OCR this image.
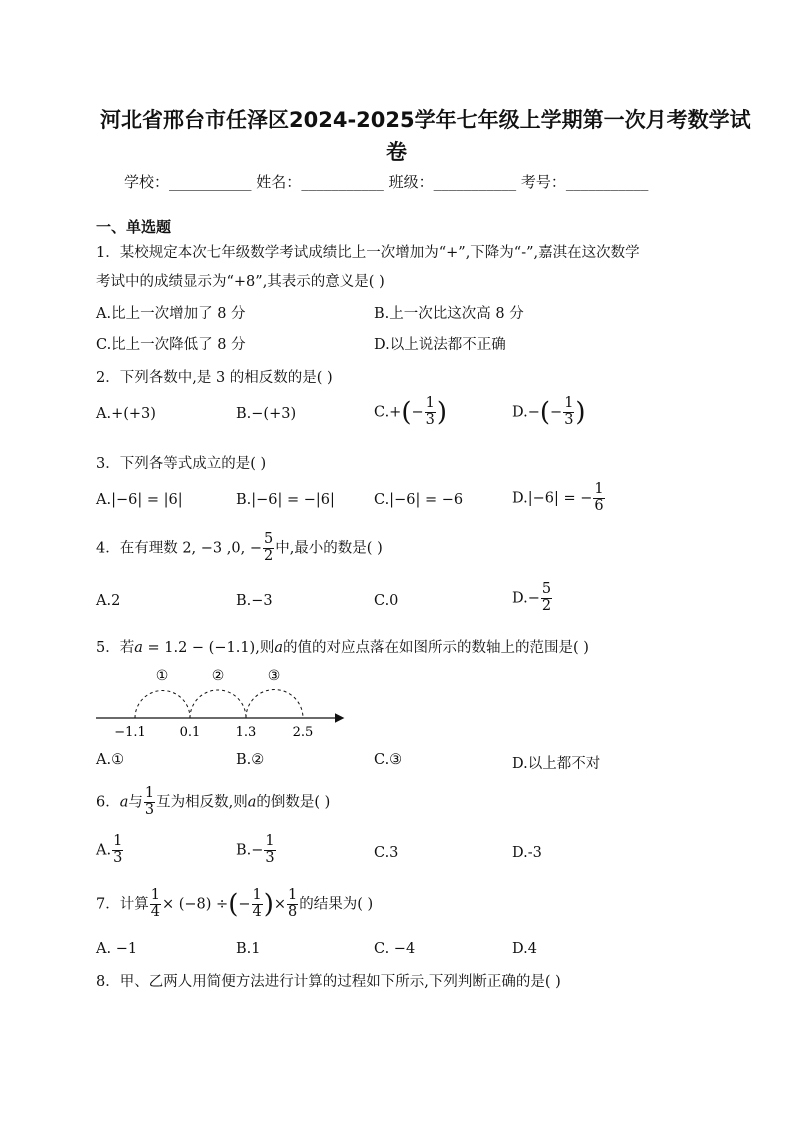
河北省邢台市任泽区2024-2025学年七年级上学期第一次月考数学试
卷
学校：___________ 姓名：___________ 班级：___________ 考号：___________
一、单选题
1．某校规定本次七年级数学考试成绩比上一次增加为“+”,下降为“-”,嘉淇在这次数学
考试中的成绩显示为“+8”,其表示的意义是( )
A.比上一次增加了 8 分	B.上一次比这次高 8 分
C.比上一次降低了 8 分	D.以上说法都不正确
2．下列各数中,是 3 的相反数的是( )
A.+(+3)	B.−(+3)	$C.+(- \frac{1}{3}$ )	$D.-(- \frac{1}{3}$ )
3．下列各等式成立的是( )
A.|−6| = |6|	B.|−6| = −|6|	C.|−6| = −6	D.|−6| = − $\frac{1}{6}$
4．在有理数 2, −3 ,0, − $\frac{5}{2}$ 中,最小的数是( )
A.2	B.−3	C.0	$D.- \frac{5}{2}$
5．若a = 1.2 − (−1.1),则a的值的对应点落在如图所示的数轴上的范围是( )
①	②	③
−1.1	0.1	1.3	2.5
A.①	B.②	C.③	D.以上都不对
6．a与 $\frac{1}{3}$ 互为相反数,则a的倒数是( )
A. $\frac{1}{3}$	$B.- \frac{1}{3}$	C.3	D.-3
7．计算 $\frac{1}{4} \times (-8)$ ÷(− $\frac{1}{4}$ )× $\frac{1}{8}$ 的结果为( )
A. −1	B.1	C. −4	D.4
8．甲、乙两人用简便方法进行计算的过程如下所示,下列判断正确的是( )
